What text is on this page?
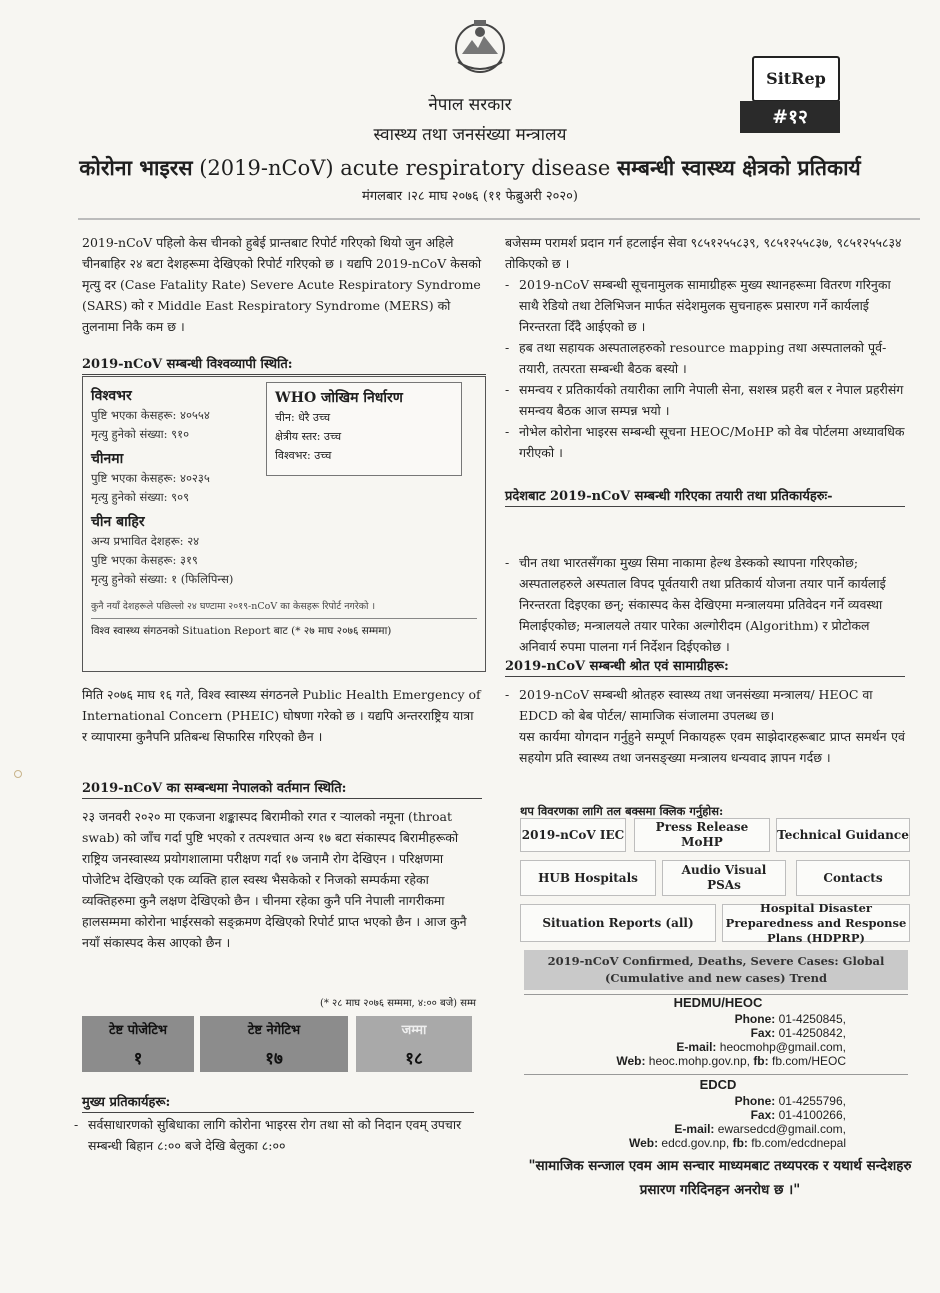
नेपाल सरकार
स्वास्थ्य तथा जनसंख्या मन्त्रालय
कोरोना भाइरस (2019-nCoV) acute respiratory disease सम्बन्धी स्वास्थ्य क्षेत्रको प्रतिकार्य
मंगलबार ।२८ माघ २०७६ (११ फेब्रुअरी २०२०)
SitRep
#१२
2019-nCoV पहिलो केस चीनको हुबेई प्रान्तबाट रिपोर्ट गरिएको थियो जुन अहिले चीनबाहिर २४ बटा देशहरूमा देखिएको रिपोर्ट गरिएको छ । यद्यपि 2019-nCoV केसको मृत्यु दर (Case Fatality Rate) Severe Acute Respiratory Syndrome (SARS) को र Middle East Respiratory Syndrome (MERS) को तुलनामा निकै कम छ ।
2019-nCoV सम्बन्धी विश्वव्यापी स्थिति:
विश्वभर
पुष्टि भएका केसहरू: ४०५५४
मृत्यु हुनेको संख्या: ९१०
चीनमा
पुष्टि भएका केसहरू: ४०२३५
मृत्यु हुनेको संख्या: ९०९
चीन बाहिर
अन्य प्रभावित देशहरू: २४
पुष्टि भएका केसहरू: ३१९
मृत्यु हुनेको संख्या: १ (फिलिपिन्स)
कुनै नयाँ देशहरूले पछिल्लो २४ घण्टामा २०१९-nCoV का केसहरू रिपोर्ट नगरेको ।
विश्व स्वास्थ्य संगठनको Situation Report बाट (* २७ माघ २०७६ सम्ममा)
WHO जोखिम निर्धारण
चीन: धेरै उच्च
क्षेत्रीय स्तर: उच्च
विश्वभर: उच्च
मिति २०७६ माघ १६ गते, विश्व स्वास्थ्य संगठनले Public Health Emergency of International Concern (PHEIC) घोषणा गरेको छ । यद्यपि अन्तरराष्ट्रिय यात्रा र व्यापारमा कुनैपनि प्रतिबन्ध सिफारिस गरिएको छैन ।
2019-nCoV का सम्बन्धमा नेपालको वर्तमान स्थिति:
२३ जनवरी २०२० मा एकजना शङ्कास्पद बिरामीको रगत र ऱ्यालको नमूना (throat swab) को जाँच गर्दा पुष्टि भएको र तत्पश्चात अन्य १७ बटा संकास्पद बिरामीहरूको राष्ट्रिय जनस्वास्थ्य प्रयोगशालामा परीक्षण गर्दा १७ जनामै रोग देखिएन । परिक्षणमा पोजेटिभ देखिएको एक व्यक्ति हाल स्वस्थ भैसकेको र निजको सम्पर्कमा रहेका व्यक्तिहरुमा कुनै लक्षण देखिएको छैन । चीनमा रहेका कुनै पनि नेपाली नागरीकमा हालसम्ममा कोरोना भाईरसको सङ्क्रमण देखिएको रिपोर्ट प्राप्त भएको छैन । आज कुनै नयाँ संकास्पद केस आएको छैन ।
(* २८ माघ २०७६ सम्ममा, ४:०० बजे) सम्म
टेष्ट पोजेटिभ
१
टेष्ट नेगेटिभ
१७
जम्मा
१८
मुख्य प्रतिकार्यहरू:
- सर्वसाधारणको सुबिधाका लागि कोरोना भाइरस रोग तथा सो को निदान एवम् उपचार सम्बन्धी बिहान ८:०० बजे देखि बेलुका ८:००
बजेसम्म परामर्श प्रदान गर्न हटलाईन सेवा ९८५१२५५८३९, ९८५१२५५८३७, ९८५१२५५८३४ तोकिएको छ ।
- 2019-nCoV सम्बन्धी सूचनामुलक सामाग्रीहरू मुख्य स्थानहरूमा वितरण गरिनुका साथै रेडियो तथा टेलिभिजन मार्फत संदेशमुलक सुचनाहरू प्रसारण गर्ने कार्यलाई निरन्तरता दिँदै आईएको छ ।
- हब तथा सहायक अस्पतालहरुको resource mapping तथा अस्पतालको पूर्व-तयारी, तत्परता सम्बन्धी बैठक बस्यो ।
- समन्वय र प्रतिकार्यको तयारीका लागि नेपाली सेना, सशस्त्र प्रहरी बल र नेपाल प्रहरीसंग समन्वय बैठक आज सम्पन्न भयो ।
- नोभेल कोरोना भाइरस सम्बन्धी सूचना HEOC/MoHP को वेब पोर्टलमा अध्यावधिक गरीएको ।
प्रदेशबाट 2019-nCoV सम्बन्धी गरिएका तयारी तथा प्रतिकार्यहरुः-
- चीन तथा भारतसँगका मुख्य सिमा नाकामा हेल्थ डेस्कको स्थापना गरिएकोछ; अस्पतालहरुले अस्पताल विपद पूर्वतयारी तथा प्रतिकार्य योजना तयार पार्ने कार्यलाई निरन्तरता दिइएका छन्; संकास्पद केस देखिएमा मन्त्रालयमा प्रतिवेदन गर्ने व्यवस्था मिलाईएकोछ; मन्त्रालयले तयार पारेका अल्गोरीदम (Algorithm) र प्रोटोकल अनिवार्य रुपमा पालना गर्न निर्देशन दिईएकोछ ।
2019-nCoV सम्बन्धी श्रोत एवं सामाग्रीहरू:
- 2019-nCoV सम्बन्धी श्रोतहरु स्वास्थ्य तथा जनसंख्या मन्त्रालय/ HEOC वा EDCD को बेब पोर्टल/ सामाजिक संजालमा उपलब्ध छ।
यस कार्यमा योगदान गर्नुहुने सम्पूर्ण निकायहरू एवम साझेदारहरूबाट प्राप्त समर्थन एवं सहयोग प्रति स्वास्थ्य तथा जनसङ्ख्या मन्त्रालय धन्यवाद ज्ञापन गर्दछ ।
थप विवरणका लागि तल बक्समा क्लिक गर्नुहोस:
2019-nCoV IEC
Press Release MoHP
Technical Guidance
HUB Hospitals
Audio Visual PSAs
Contacts
Situation Reports (all)
Hospital Disaster Preparedness and Response Plans (HDPRP)
2019-nCoV Confirmed, Deaths, Severe Cases: Global (Cumulative and new cases) Trend
HEDMU/HEOC
Phone: 01-4250845,
Fax: 01-4250842,
E-mail: heocmohp@gmail.com,
Web: heoc.mohp.gov.np, fb: fb.com/HEOC
EDCD
Phone: 01-4255796,
Fax: 01-4100266,
E-mail: ewarsedcd@gmail.com,
Web: edcd.gov.np, fb: fb.com/edcdnepal
"सामाजिक सन्जाल एवम आम सन्चार माध्यमबाट तथ्यपरक र यथार्थ सन्देशहरु प्रसारण गरिदिनहन अनरोध छ ।"
